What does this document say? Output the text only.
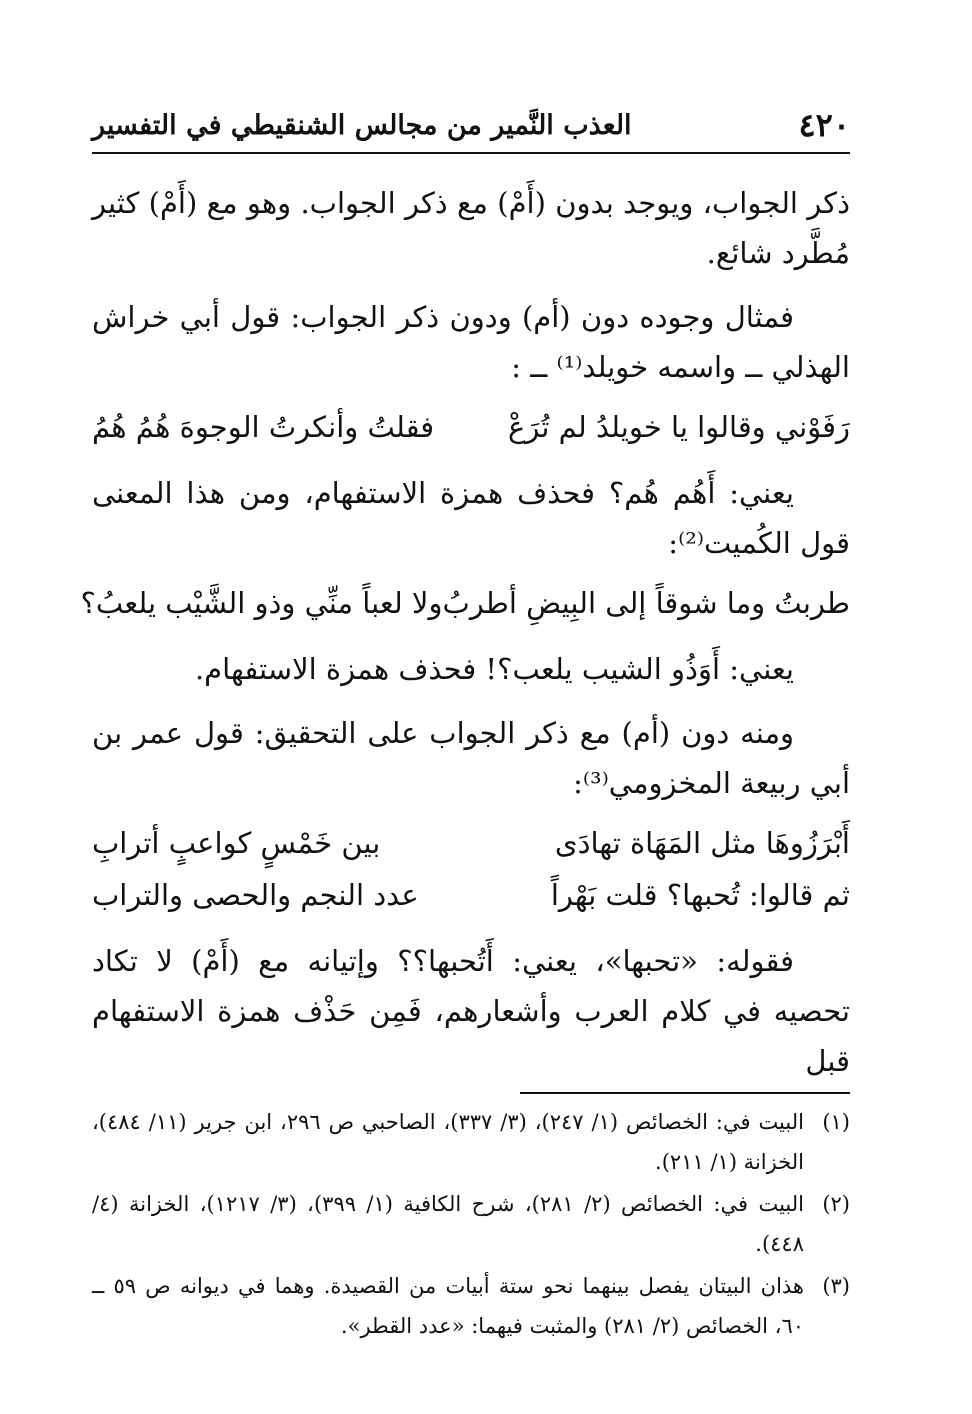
٤٢٠
العذب النَّمير من مجالس الشنقيطي في التفسير

ذكر الجواب، ويوجد بدون (أَمْ) مع ذكر الجواب. وهو مع (أَمْ) كثير مُطَّرد شائع.

فمثال وجوده دون (أم) ودون ذكر الجواب: قول أبي خراش الهذلي ــ واسمه خويلد⁽¹⁾ ــ :

رَفَوْني وقالوا يا خويلدُ لم تُرَعْ
فقلتُ وأنكرتُ الوجوهَ هُمُ هُمُ

يعني: أَهُم هُم؟ فحذف همزة الاستفهام، ومن هذا المعنى قول الكُميت⁽²⁾:

طربتُ وما شوقاً إلى البِيضِ أطربُ
ولا لعباً منِّي وذو الشَّيْب يلعبُ؟

يعني: أَوَذُو الشيب يلعب؟! فحذف همزة الاستفهام.

ومنه دون (أم) مع ذكر الجواب على التحقيق: قول عمر بن أبي ربيعة المخزومي⁽³⁾:

أَبْرَزُوهَا مثل المَهَاة تهادَى
بين خَمْسٍ كواعبٍ أترابِ
ثم قالوا: تُحبها؟ قلت بَهْراً
عدد النجم والحصى والتراب

فقوله: «تحبها»، يعني: أَتُحبها؟؟ وإتيانه مع (أَمْ) لا تكاد تحصيه في كلام العرب وأشعارهم، فَمِن حَذْف همزة الاستفهام قبل

(١)
البيت في: الخصائص (١/ ٢٤٧)، (٣/ ٣٣٧)، الصاحبي ص ٢٩٦، ابن جرير (١١/ ٤٨٤)، الخزانة (١/ ٢١١).
(٢)
البيت في: الخصائص (٢/ ٢٨١)، شرح الكافية (١/ ٣٩٩)، (٣/ ١٢١٧)، الخزانة (٤/ ٤٤٨).
(٣)
هذان البيتان يفصل بينهما نحو ستة أبيات من القصيدة. وهما في ديوانه ص ٥٩ ــ ٦٠، الخصائص (٢/ ٢٨١) والمثبت فيهما: «عدد القطر».
